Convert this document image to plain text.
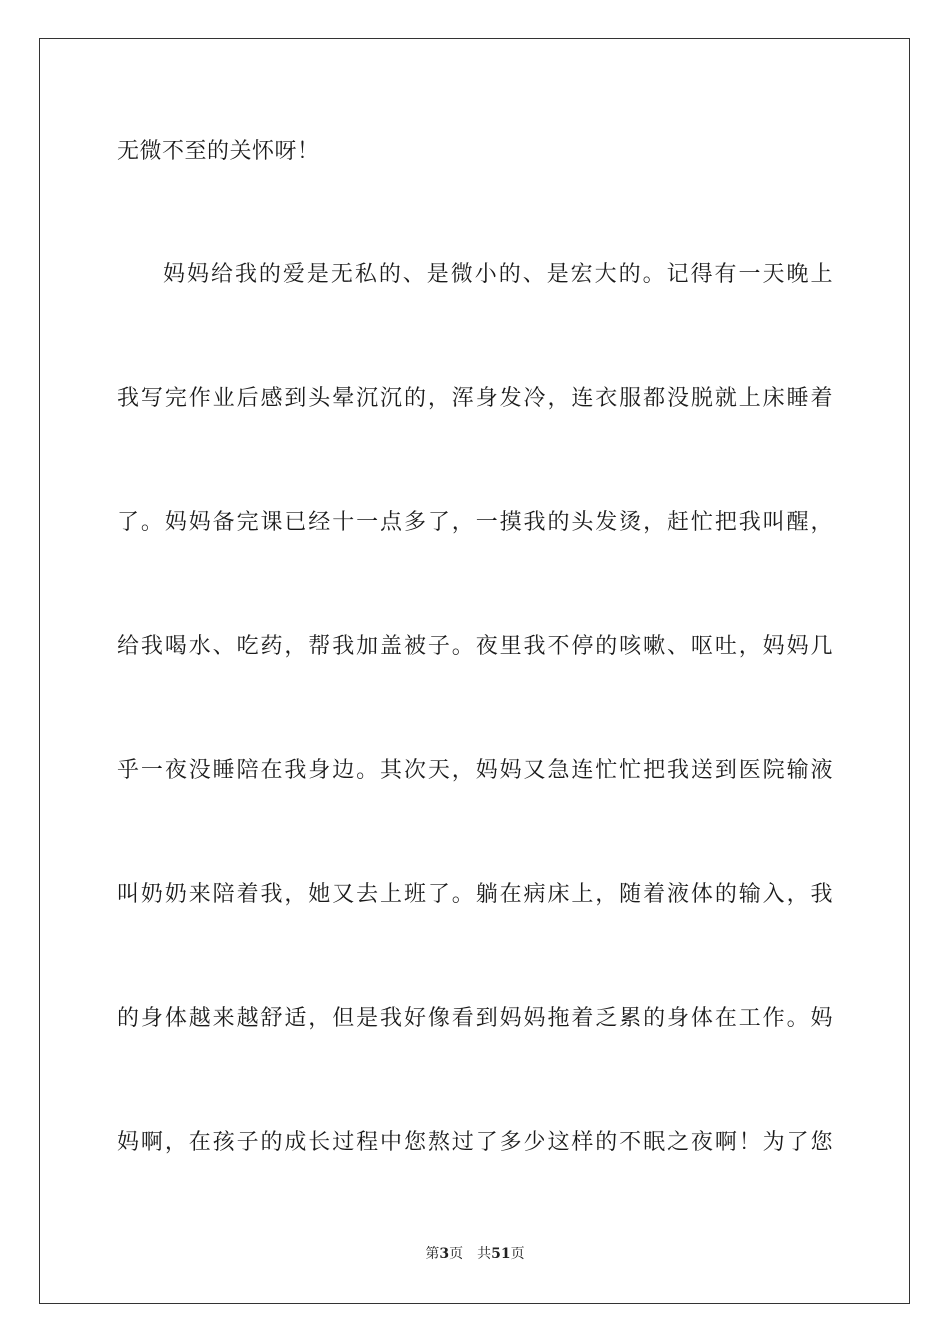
无微不至的关怀呀！
妈妈给我的爱是无私的、是微小的、是宏大的。记得有一天晚上
我写完作业后感到头晕沉沉的，浑身发冷，连衣服都没脱就上床睡着
了。妈妈备完课已经十一点多了，一摸我的头发烫，赶忙把我叫醒，
给我喝水、吃药，帮我加盖被子。夜里我不停的咳嗽、呕吐，妈妈几
乎一夜没睡陪在我身边。其次天，妈妈又急连忙忙把我送到医院输液
叫奶奶来陪着我，她又去上班了。躺在病床上，随着液体的输入，我
的身体越来越舒适，但是我好像看到妈妈拖着乏累的身体在工作。妈
妈啊，在孩子的成长过程中您熬过了多少这样的不眠之夜啊！为了您
第3页 共51页
